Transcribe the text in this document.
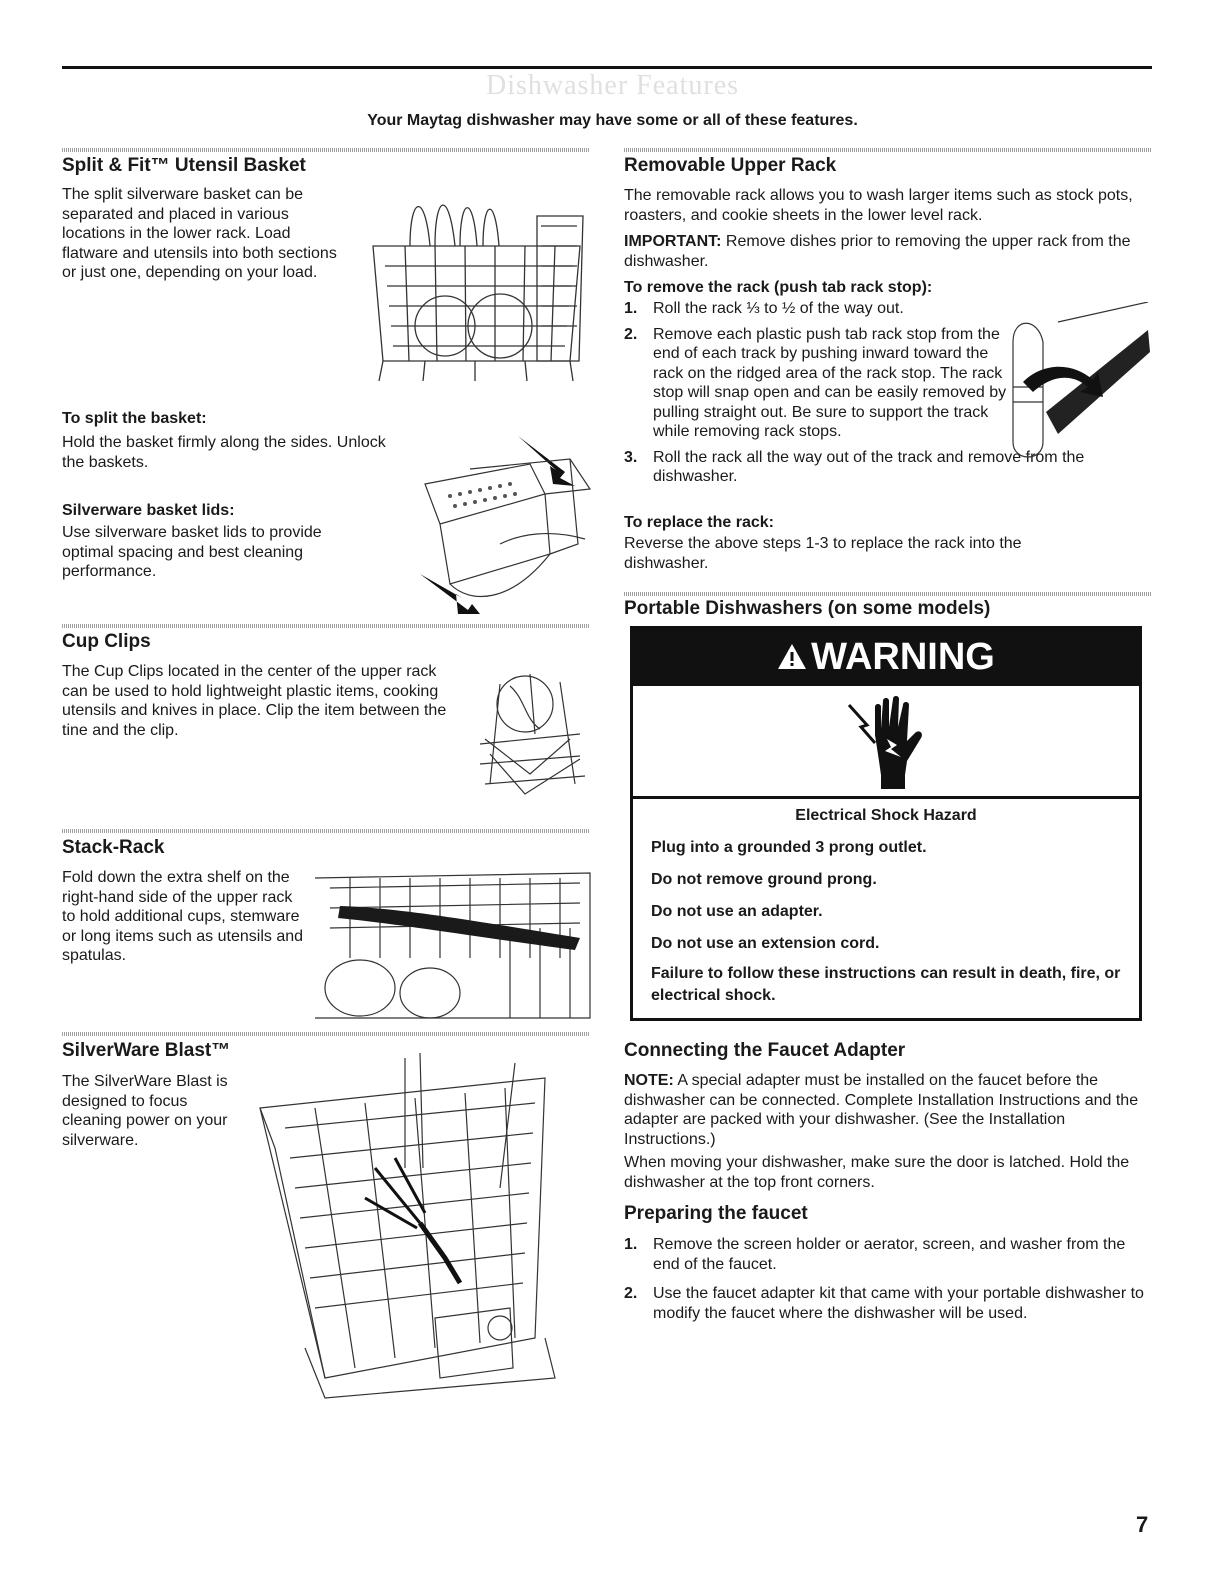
Dishwasher Features
Your Maytag dishwasher may have some or all of these features.
Split & Fit™ Utensil Basket
The split silverware basket can be separated and placed in various locations in the lower rack. Load flatware and utensils into both sections or just one, depending on your load.
To split the basket:
Hold the basket firmly along the sides. Unlock the baskets.
Silverware basket lids:
Use silverware basket lids to provide optimal spacing and best cleaning performance.
Cup Clips
The Cup Clips located in the center of the upper rack can be used to hold lightweight plastic items, cooking utensils and knives in place. Clip the item between the tine and the clip.
Stack-Rack
Fold down the extra shelf on the right-hand side of the upper rack to hold additional cups, stemware or long items such as utensils and spatulas.
SilverWare Blast™
The SilverWare Blast is designed to focus cleaning power on your silverware.
Removable Upper Rack
The removable rack allows you to wash larger items such as stock pots, roasters, and cookie sheets in the lower level rack.
IMPORTANT: Remove dishes prior to removing the upper rack from the dishwasher.
To remove the rack (push tab rack stop):
1. Roll the rack ⅓ to ½ of the way out.
2. Remove each plastic push tab rack stop from the end of each track by pushing inward toward the rack on the ridged area of the rack stop. The rack stop will snap open and can be easily removed by pulling straight out. Be sure to support the track while removing rack stops.
3. Roll the rack all the way out of the track and remove from the dishwasher.
To replace the rack:
Reverse the above steps 1-3 to replace the rack into the dishwasher.
Portable Dishwashers (on some models)
WARNING
Electrical Shock Hazard
Plug into a grounded 3 prong outlet.
Do not remove ground prong.
Do not use an adapter.
Do not use an extension cord.
Failure to follow these instructions can result in death, fire, or electrical shock.
Connecting the Faucet Adapter
NOTE: A special adapter must be installed on the faucet before the dishwasher can be connected. Complete Installation Instructions and the adapter are packed with your dishwasher. (See the Installation Instructions.)
When moving your dishwasher, make sure the door is latched. Hold the dishwasher at the top front corners.
Preparing the faucet
1. Remove the screen holder or aerator, screen, and washer from the end of the faucet.
2. Use the faucet adapter kit that came with your portable dishwasher to modify the faucet where the dishwasher will be used.
7
